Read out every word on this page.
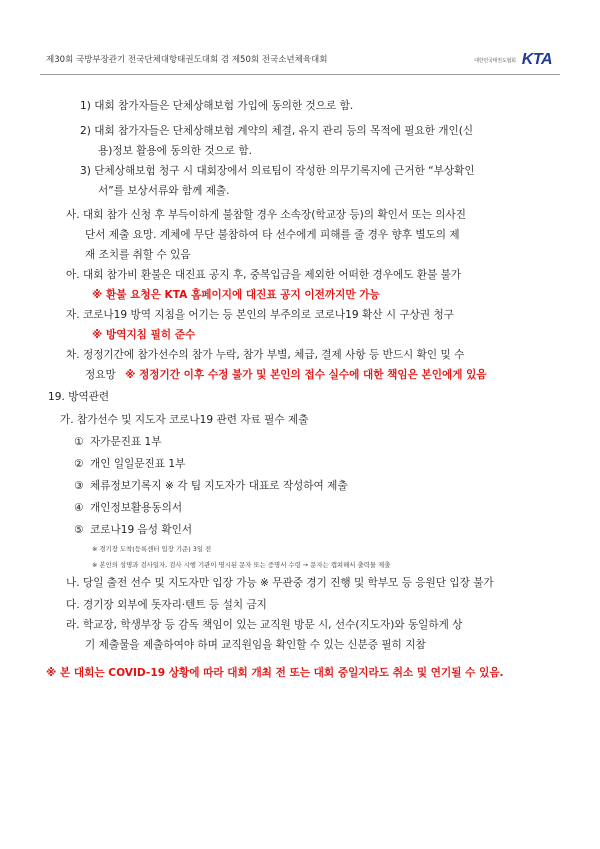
제30회 국방부장관기 전국단체대항태권도대회 겸 제50회 전국소년체육대회	대한민국태권도협회 KTA
1) 대회 참가자들은 단체상해보험 가입에 동의한 것으로 함.
2) 대회 참가자들은 단체상해보험 계약의 체결, 유지 관리 등의 목적에 필요한 개인(신
용)정보 활용에 동의한 것으로 함.
3) 단체상해보험 청구 시 대회장에서 의료팀이 작성한 의무기록지에 근거한 “부상확인
서”를 보상서류와 함께 제출.
사. 대회 참가 신청 후 부득이하게 불참할 경우 소속장(학교장 등)의 확인서 또는 의사진
단서 제출 요망. 계체에 무단 불참하여 타 선수에게 피해를 줄 경우 향후 별도의 제
재 조치를 취할 수 있음
아. 대회 참가비 환불은 대진표 공지 후, 중복입금을 제외한 어떠한 경우에도 환불 불가
※ 환불 요청은 KTA 홈페이지에 대진표 공지 이전까지만 가능
자. 코로나19 방역 지침을 어기는 등 본인의 부주의로 코로나19 확산 시 구상권 청구
※ 방역지침 필히 준수
차. 정정기간에 참가선수의 참가 누락, 참가 부별, 체급, 결제 사항 등 반드시 확인 및 수
정요망 ※ 정정기간 이후 수정 불가 및 본인의 접수 실수에 대한 책임은 본인에게 있음
19. 방역관련
가. 참가선수 및 지도자 코로나19 관련 자료 필수 제출
① 자가문진표 1부
② 개인 일일문진표 1부
③ 체류정보기록지 ※ 각 팀 지도자가 대표로 작성하여 제출
④ 개인정보활용동의서
⑤ 코로나19 음성 확인서
※ 경기장 도착(등록센터 입장 기준) 3일 전
※ 본인의 성명과 검사일자, 검사 시행 기관이 명시된 문자 또는 증명서 수령 → 문자는 캡쳐해서 출력물 제출
나. 당일 출전 선수 및 지도자만 입장 가능 ※ 무관중 경기 진행 및 학부모 등 응원단 입장 불가
다. 경기장 외부에 돗자리·텐트 등 설치 금지
라. 학교장, 학생부장 등 감독 책임이 있는 교직원 방문 시, 선수(지도자)와 동일하게 상
기 제출물을 제출하여야 하며 교직원임을 확인할 수 있는 신분증 필히 지참
※ 본 대회는 COVID-19 상황에 따라 대회 개최 전 또는 대회 중일지라도 취소 및 연기될 수 있음.
